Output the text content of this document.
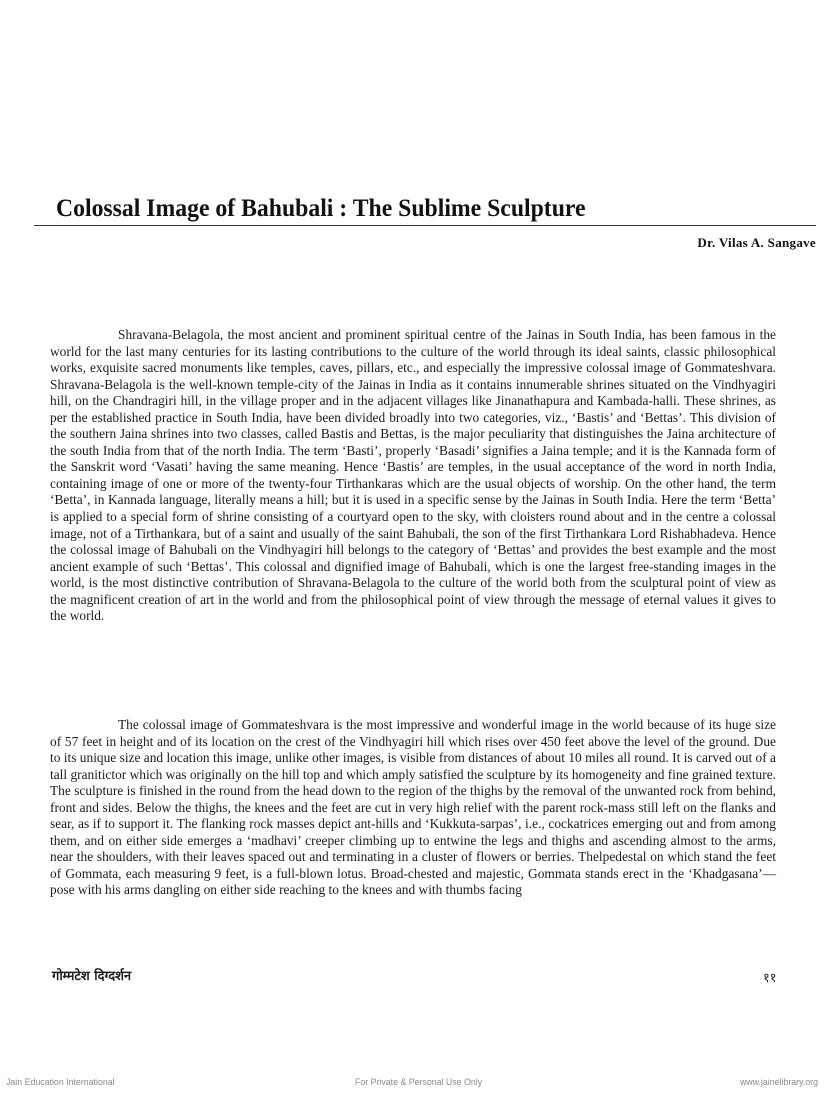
Colossal Image of Bahubali : The Sublime Sculpture
Dr. Vilas A. Sangave

Shravana-Belagola, the most ancient and prominent spiritual centre of the Jainas in South India, has been famous in the world for the last many centuries for its lasting contributions to the culture of the world through its ideal saints, classic philosophical works, exquisite sacred monuments like temples, caves, pillars, etc., and especially the impressive colossal image of Gommateshvara. Shravana-Belagola is the well-known temple-city of the Jainas in India as it contains innumerable shrines situated on the Vindhyagiri hill, on the Chandragiri hill, in the village proper and in the adjacent villages like Jinanathapura and Kambada-halli. These shrines, as per the established practice in South India, have been divided broadly into two categories, viz., ‘Bastis’ and ‘Bettas’. This division of the southern Jaina shrines into two classes, called Bastis and Bettas, is the major peculiarity that distinguishes the Jaina architecture of the south India from that of the north India. The term ‘Basti’, properly ‘Basadi’ signifies a Jaina temple; and it is the Kannada form of the Sanskrit word ‘Vasati’ having the same meaning. Hence ‘Bastis’ are temples, in the usual acceptance of the word in north India, containing image of one or more of the twenty-four Tirthankaras which are the usual objects of worship. On the other hand, the term ‘Betta’, in Kannada language, literally means a hill; but it is used in a specific sense by the Jainas in South India. Here the term ‘Betta’ is applied to a special form of shrine consisting of a courtyard open to the sky, with cloisters round about and in the centre a colossal image, not of a Tirthankara, but of a saint and usually of the saint Bahubali, the son of the first Tirthankara Lord Rishabhadeva. Hence the colossal image of Bahubali on the Vindhyagiri hill belongs to the category of ‘Bettas’ and provides the best example and the most ancient example of such ‘Bettas’. This colossal and dignified image of Bahubali, which is one the largest free-standing images in the world, is the most distinctive contribution of Shravana-Belagola to the culture of the world both from the sculptural point of view as the magnificent creation of art in the world and from the philosophical point of view through the message of eternal values it gives to the world.

The colossal image of Gommateshvara is the most impressive and wonderful image in the world because of its huge size of 57 feet in height and of its location on the crest of the Vindhyagiri hill which rises over 450 feet above the level of the ground. Due to its unique size and location this image, unlike other images, is visible from distances of about 10 miles all round. It is carved out of a tall granitictor which was originally on the hill top and which amply satisfied the sculpture by its homogeneity and fine grained texture. The sculpture is finished in the round from the head down to the region of the thighs by the removal of the unwanted rock from behind, front and sides. Below the thighs, the knees and the feet are cut in very high relief with the parent rock-mass still left on the flanks and sear, as if to support it. The flanking rock masses depict ant-hills and ‘Kukkuta-sarpas’, i.e., cockatrices emerging out and from among them, and on either side emerges a ‘madhavi’ creeper climbing up to entwine the legs and thighs and ascending almost to the arms, near the shoulders, with their leaves spaced out and terminating in a cluster of flowers or berries. Thelpedestal on which stand the feet of Gommata, each measuring 9 feet, is a full-blown lotus. Broad-chested and majestic, Gommata stands erect in the ‘Khadgasana’—pose with his arms dangling on either side reaching to the knees and with thumbs facing

गोम्मटेश दिग्दर्शन	११
Jain Education International	For Private & Personal Use Only	www.jainelibrary.org
